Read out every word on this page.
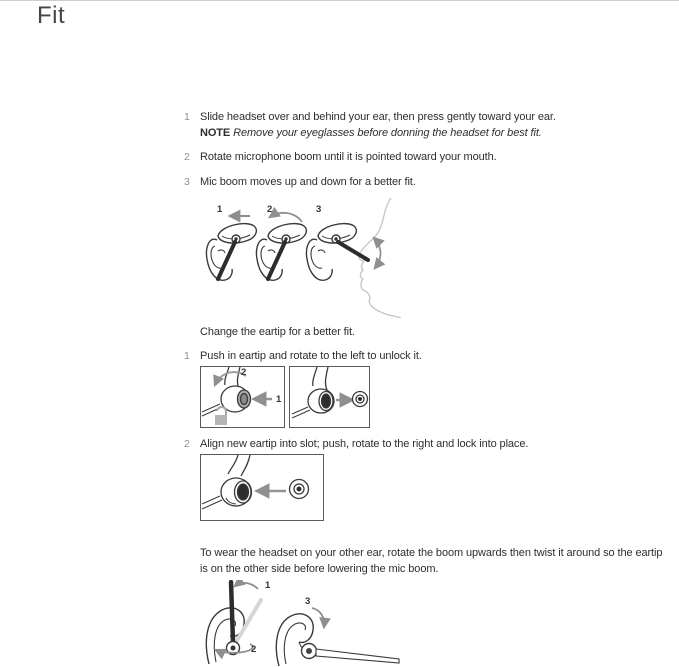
Fit
1 Slide headset over and behind your ear, then press gently toward your ear.
NOTE Remove your eyeglasses before donning the headset for best fit.
2 Rotate microphone boom until it is pointed toward your mouth.
3 Mic boom moves up and down for a better fit.
1	2	3
Change the eartip for a better fit.
1 Push in eartip and rotate to the left to unlock it.
1
2
2 Align new eartip into slot; push, rotate to the right and lock into place.
To wear the headset on your other ear, rotate the boom upwards then twist it around so the eartip is on the other side before lowering the mic boom.
1
2
3
